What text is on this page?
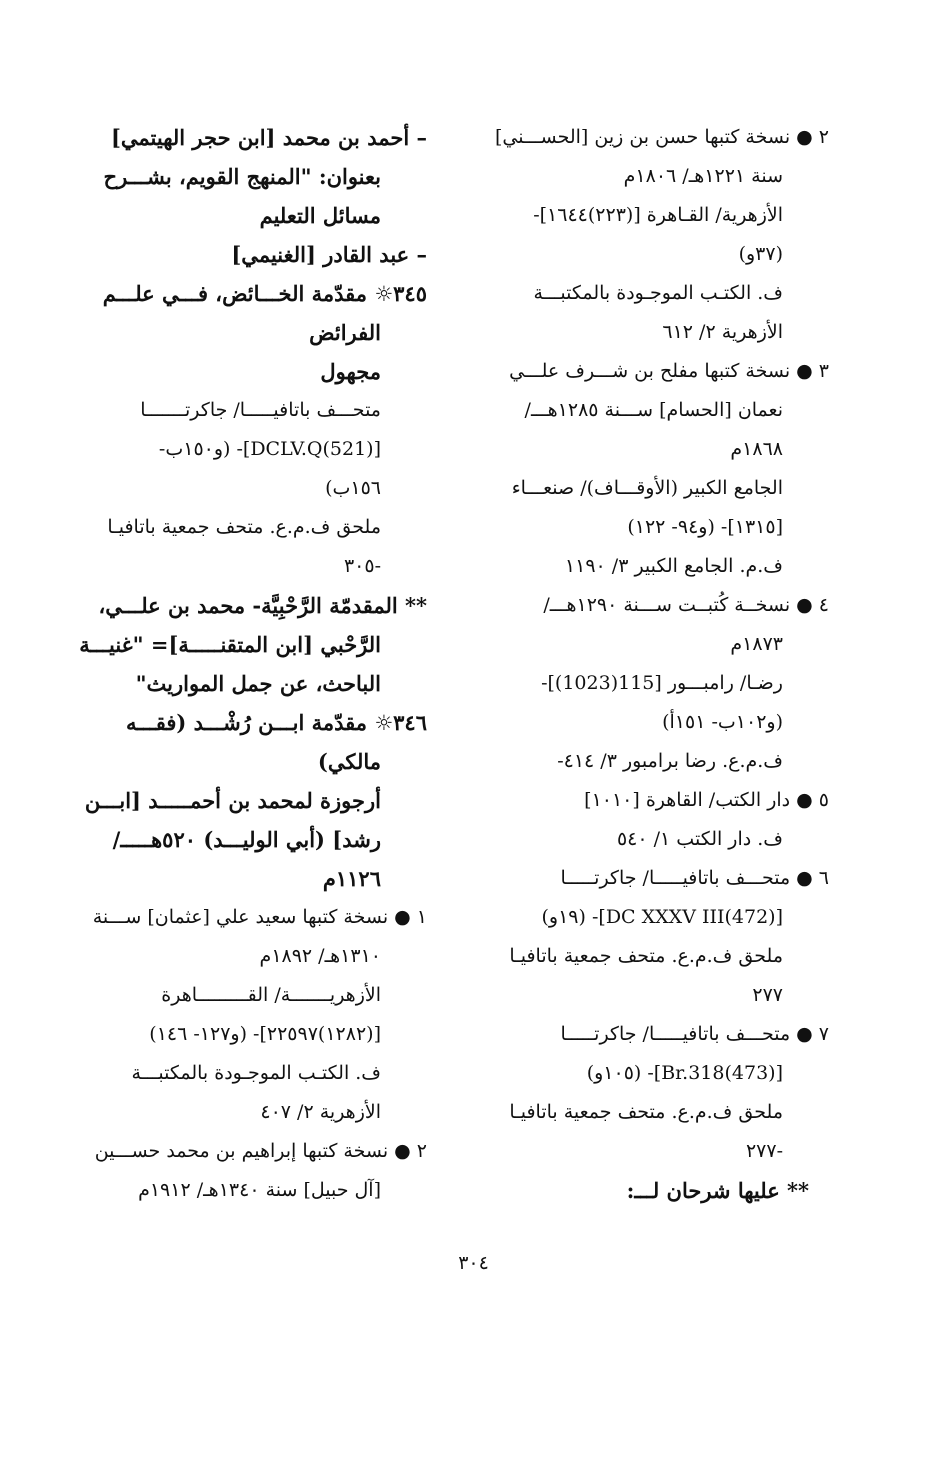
٢ ● نسخة كتبها حسن بن زين [الحســـني]
سنة ١٢٢١هـ/ ١٨٠٦م
الأزهرية/ القـاهرة [(٢٢٣)١٦٤٤]-
(٣٧و)
ف. الكتـب الموجـودة بالمكتبـــة
الأزهرية ٢/ ٦١٢
٣ ● نسخة كتبها مفلح بن شـــرف علـــي
نعمان [الحسام] ســـنة ١٢٨٥هـــ/
١٨٦٨م
الجامع الكبير (الأوقـــاف)/ صنعـــاء
[١٣١٥]- (و٩٤- ١٢٢)
ف.م. الجامع الكبير ٣/ ١١٩٠
٤ ● نسخــة كُتبــت ســـنة ١٢٩٠هـــ/
١٨٧٣م
رضـا/ رامبـــور [115(1023)]-
(و١٠٢ب- ١٥١أ)
ف.م.ع. رضا برامبور ٣/ ٤١٤-
٥ ● دار الكتب/ القاهرة [١٠١٠]
ف. دار الكتب ١/ ٥٤٠
٦ ● متحـــف باتافيـــــا/ جاكرتـــــا
[(472)DC XXXV III]- (١٩و)
ملحق ف.م.ع. متحف جمعية باتافيـا
٢٧٧
٧ ● متحـــف باتافيـــــا/ جاكرتـــــا
[(473)Br.318]- (١٠٥و)
ملحق ف.م.ع. متحف جمعية باتافيـا
-٢٧٧
** عليها شرحان لـــ:
– أحمد بن محمد [ابن حجر الهيتمي]
بعنوان: "المنهج القويم، بشـــرح
مسائل التعليم
– عبد القادر [الغنيمي]
٣٤٥☼ مقدّمة الخـــائض، فـــي علـــم
الفرائض
مجهول
متحـــف باتافيـــــا/ جاكرتـــــــا
[(521)DCLV.Q]- (و١٥٠ب-
١٥٦ب)
ملحق ف.م.ع. متحف جمعية باتافيـا
-٣٠٥
** المقدمّة الرَّحْبِيَّة- محمد بن علـــي،
الرَّحْبي [ابن المتقنـــــة]= "غنيـــة
الباحث، عن جمل المواريث"
٣٤٦☼ مقدّمة ابـــن رُشْـــد (فقـــه
مالكي)
أرجوزة لمحمد بن أحمـــــد [ابـــن
رشد] (أبي الوليـــد) ٥٢٠هـــــ/
١١٢٦م
١ ● نسخة كتبها سعيد علي [عثمان] ســـنة
١٣١٠هـ/ ١٨٩٢م
الأزهريـــــــة/ القـــــــــاهرة
[(١٢٨٢)٢٢٥٩٧]- (و١٢٧- ١٤٦)
ف. الكتـب الموجـودة بالمكتبـــة
الأزهرية ٢/ ٤٠٧
٢ ● نسخة كتبها إبراهيم بن محمد حســـين
[آل حبيل] سنة ١٣٤٠هـ/ ١٩١٢م
٣٠٤
